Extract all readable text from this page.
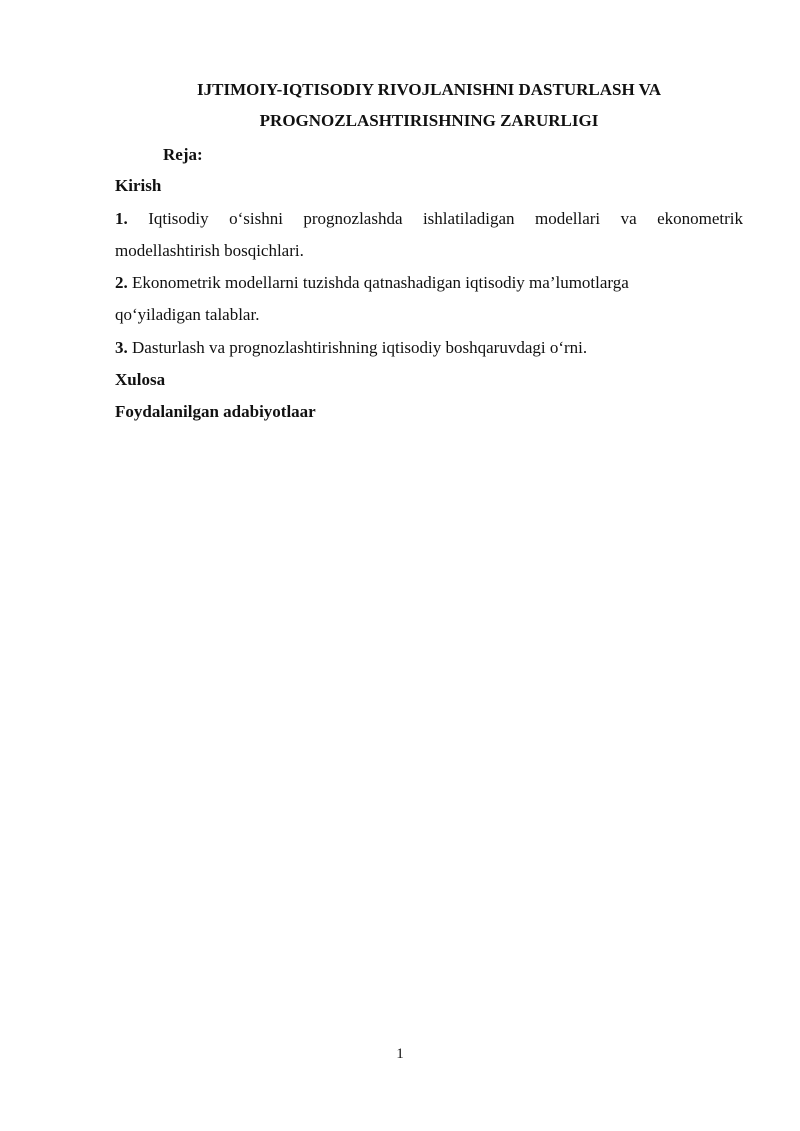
IJTIMOIY-IQTISODIY RIVOJLANISHNI DASTURLASH VA
PROGNOZLASHTIRISHNING ZARURLIGI

Reja:

Kirish

1. Iqtisodiy o‘sishni prognozlashda ishlatiladigan modellari va ekonometrik

modellashtirish bosqichlari.

2. Ekonometrik modellarni tuzishda qatnashadigan iqtisodiy ma’lumotlarga

qo‘yiladigan talablar.

3. Dasturlash va prognozlashtirishning iqtisodiy boshqaruvdagi o‘rni.

Xulosa

Foydalanilgan adabiyotlaar

1
